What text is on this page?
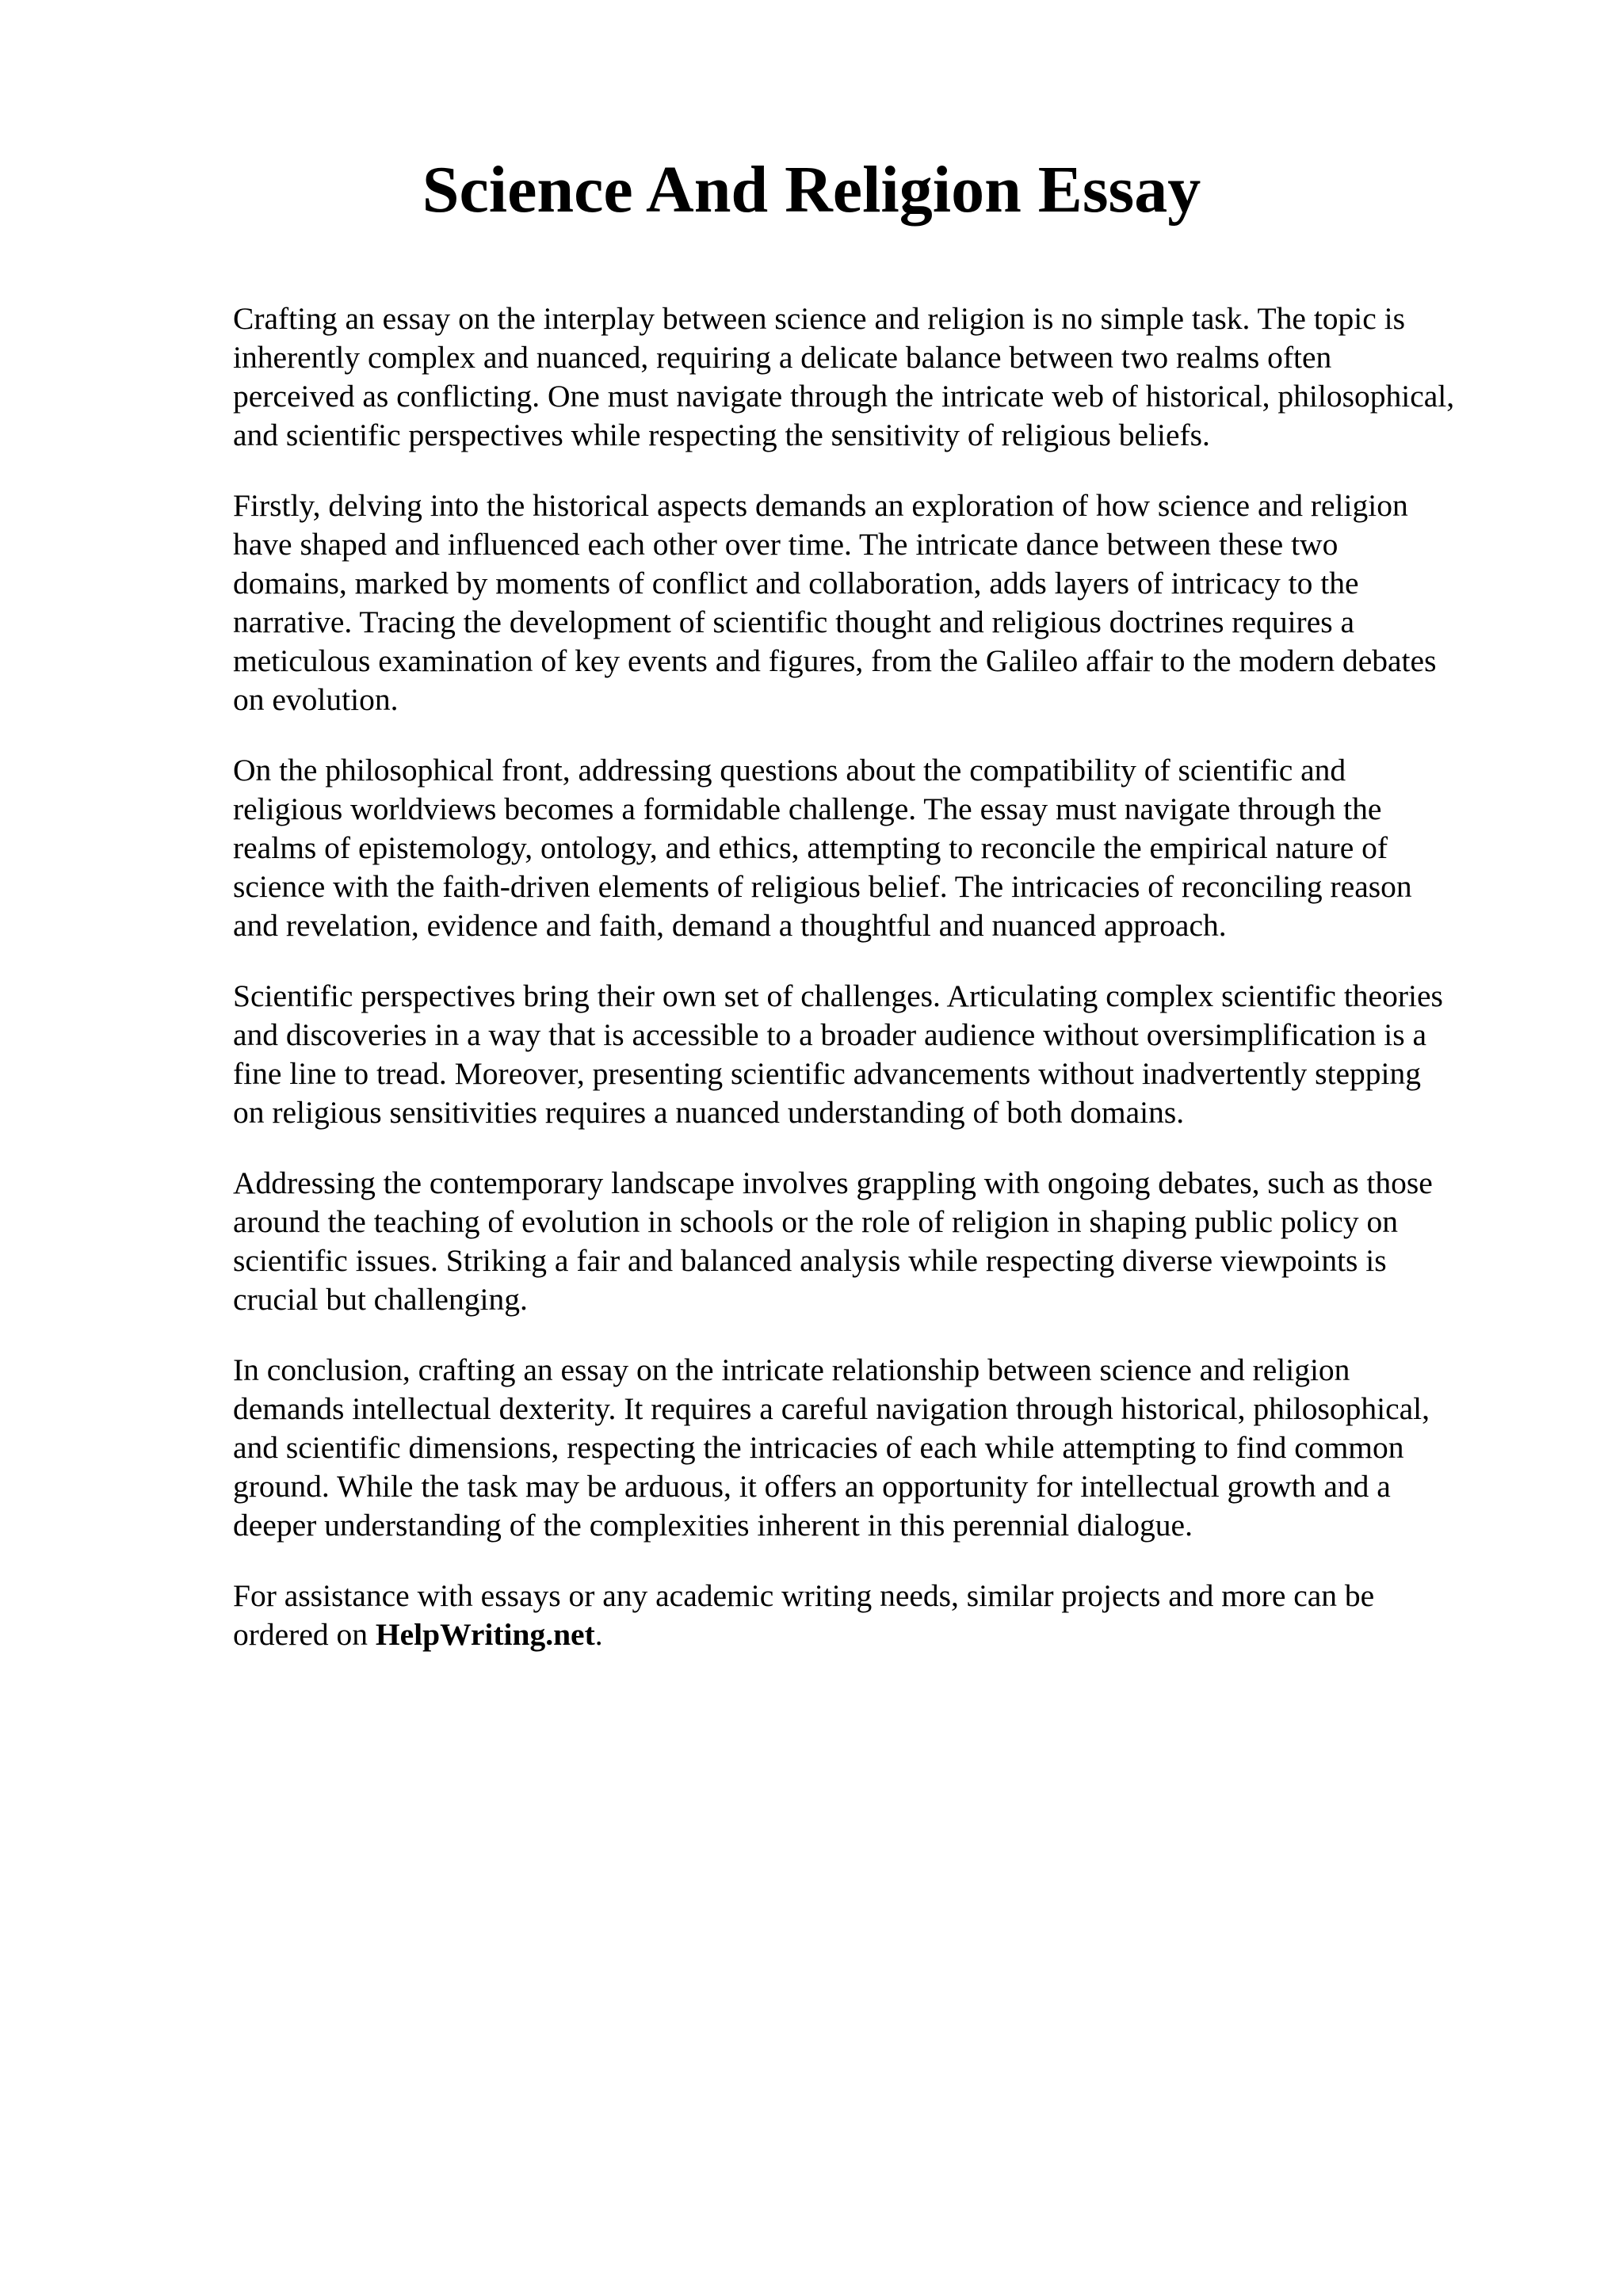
Science And Religion Essay

Crafting an essay on the interplay between science and religion is no simple task. The topic is
inherently complex and nuanced, requiring a delicate balance between two realms often
perceived as conflicting. One must navigate through the intricate web of historical, philosophical,
and scientific perspectives while respecting the sensitivity of religious beliefs.

Firstly, delving into the historical aspects demands an exploration of how science and religion
have shaped and influenced each other over time. The intricate dance between these two
domains, marked by moments of conflict and collaboration, adds layers of intricacy to the
narrative. Tracing the development of scientific thought and religious doctrines requires a
meticulous examination of key events and figures, from the Galileo affair to the modern debates
on evolution.

On the philosophical front, addressing questions about the compatibility of scientific and
religious worldviews becomes a formidable challenge. The essay must navigate through the
realms of epistemology, ontology, and ethics, attempting to reconcile the empirical nature of
science with the faith-driven elements of religious belief. The intricacies of reconciling reason
and revelation, evidence and faith, demand a thoughtful and nuanced approach.

Scientific perspectives bring their own set of challenges. Articulating complex scientific theories
and discoveries in a way that is accessible to a broader audience without oversimplification is a
fine line to tread. Moreover, presenting scientific advancements without inadvertently stepping
on religious sensitivities requires a nuanced understanding of both domains.

Addressing the contemporary landscape involves grappling with ongoing debates, such as those
around the teaching of evolution in schools or the role of religion in shaping public policy on
scientific issues. Striking a fair and balanced analysis while respecting diverse viewpoints is
crucial but challenging.

In conclusion, crafting an essay on the intricate relationship between science and religion
demands intellectual dexterity. It requires a careful navigation through historical, philosophical,
and scientific dimensions, respecting the intricacies of each while attempting to find common
ground. While the task may be arduous, it offers an opportunity for intellectual growth and a
deeper understanding of the complexities inherent in this perennial dialogue.

For assistance with essays or any academic writing needs, similar projects and more can be
ordered on HelpWriting.net.
